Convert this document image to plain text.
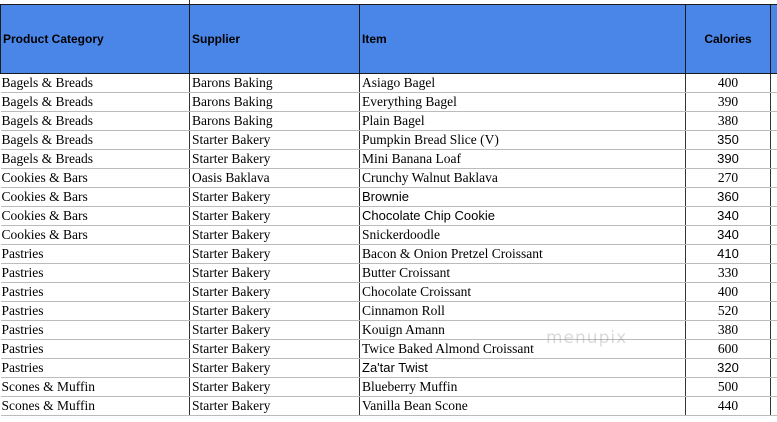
Product Category	Supplier	Item	Calories	
Bagels & Breads	Barons Baking	Asiago Bagel	400	
Bagels & Breads	Barons Baking	Everything Bagel	390	
Bagels & Breads	Barons Baking	Plain Bagel	380	
Bagels & Breads	Starter Bakery	Pumpkin Bread Slice (V)	350	
Bagels & Breads	Starter Bakery	Mini Banana Loaf	390	
Cookies & Bars	Oasis Baklava	Crunchy Walnut Baklava	270	
Cookies & Bars	Starter Bakery	Brownie	360	
Cookies & Bars	Starter Bakery	Chocolate Chip Cookie	340	
Cookies & Bars	Starter Bakery	Snickerdoodle	340	
Pastries	Starter Bakery	Bacon & Onion Pretzel Croissant	410	
Pastries	Starter Bakery	Butter Croissant	330	
Pastries	Starter Bakery	Chocolate Croissant	400	
Pastries	Starter Bakery	Cinnamon Roll	520	
Pastries	Starter Bakery	Kouign Amann	380	
Pastries	Starter Bakery	Twice Baked Almond Croissant	600	
Pastries	Starter Bakery	Za'tar Twist	320	
Scones & Muffin	Starter Bakery	Blueberry Muffin	500	
Scones & Muffin	Starter Bakery	Vanilla Bean Scone	440	
menupix
